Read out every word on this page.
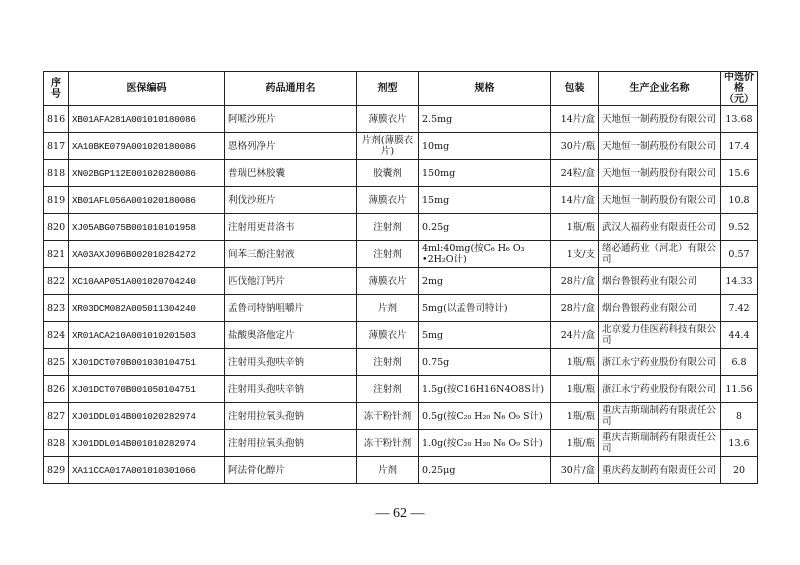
序号	医保编码	药品通用名	剂型	规格	包装	生产企业名称	中选价格（元）
816	XB01AFA281A001010180086	阿哌沙班片	薄膜衣片	2.5mg	14片/盒	天地恒一制药股份有限公司	13.68
817	XA10BKE079A001020180086	恩格列净片	片剂(薄膜衣片)	10mg	30片/瓶	天地恒一制药股份有限公司	17.4
818	XN02BGP112E001020280086	普瑞巴林胶囊	胶囊剂	150mg	24粒/盒	天地恒一制药股份有限公司	15.6
819	XB01AFL056A001020180086	利伐沙班片	薄膜衣片	15mg	14片/盒	天地恒一制药股份有限公司	10.8
820	XJ05ABG075B001010101958	注射用更昔洛韦	注射剂	0.25g	1瓶/瓶	武汉人福药业有限责任公司	9.52
821	XA03AXJ096B002010284272	间苯三酚注射液	注射剂	4ml:40mg(按C₆ H₆ O₃ •2H₂O计)	1支/支	绪必通药业（河北）有限公司	0.57
822	XC10AAP051A001020704240	匹伐他汀钙片	薄膜衣片	2mg	28片/盒	烟台鲁银药业有限公司	14.33
823	XR03DCM082A005011304240	孟鲁司特钠咀嚼片	片剂	5mg(以孟鲁司特计)	28片/盒	烟台鲁银药业有限公司	7.42
824	XR01ACA210A001010201503	盐酸奥洛他定片	薄膜衣片	5mg	24片/盒	北京爱力佳医药科技有限公司	44.4
825	XJ01DCT070B001030104751	注射用头孢呋辛钠	注射剂	0.75g	1瓶/瓶	浙江永宁药业股份有限公司	6.8
826	XJ01DCT070B001050104751	注射用头孢呋辛钠	注射剂	1.5g(按C16H16N4O8S计)	1瓶/瓶	浙江永宁药业股份有限公司	11.56
827	XJ01DDL014B001020282974	注射用拉氧头孢钠	冻干粉针剂	0.5g(按C₂₀ H₂₀ N₆ O₉ S计)	1瓶/瓶	重庆吉斯瑞制药有限责任公司	8
828	XJ01DDL014B001010282974	注射用拉氧头孢钠	冻干粉针剂	1.0g(按C₂₀ H₂₀ N₆ O₉ S计)	1瓶/瓶	重庆吉斯瑞制药有限责任公司	13.6
829	XA11CCA017A001010301066	阿法骨化醇片	片剂	0.25μg	30片/盒	重庆药友制药有限责任公司	20
— 62 —
